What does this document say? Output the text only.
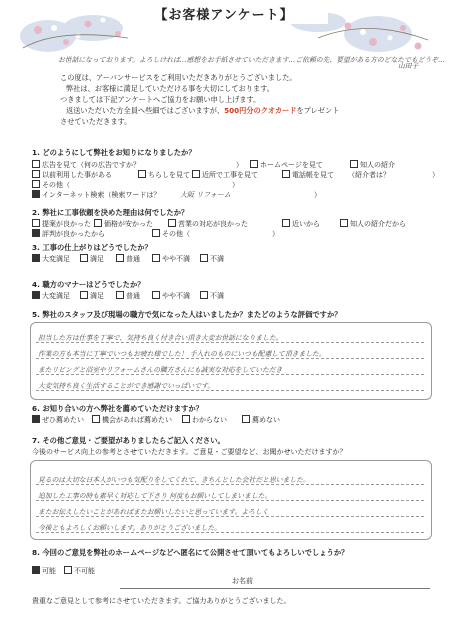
【お客様アンケート】
お世話になっております。よろしければ…感想をお手紙させていただきます…ご依頼の先、要望がある方のどなたでもどうぞ…
山田子
この度は、アーバンサービスをご利用いただきありがとうございました。
弊社は、お客様に満足していただける事を大切にしております。
つきましては下記アンケートへご協力をお願い申し上げます。
返送いただいた方全員へ些細ではございますが、500円分のクオカードをプレゼント
させていただきます。
1. どのようにして弊社をお知りになりましたか？
広告を見て（何の広告ですか？	）	ホームページを見て	知人の紹介
以前利用した事がある	ちらしを見て	近所で工事を見て	電話帳を見て （紹介者は？	）
その他（	）
インターネット検索（検索ワードは？	大阪 リフォーム	）
2. 弊社に工事依頼を決めた理由は何でしたか？
提案が良かった	価格が安かった	営業の対応が良かった	近いから	知人の紹介だから
評判が良かったから	その他（	）
3. 工事の仕上がりはどうでしたか？
大変満足	満足	普通	やや不満	不満
4. 職方のマナーはどうでしたか？
大変満足	満足	普通	やや不満	不満
5. 弊社のスタッフ及び現場の職方で気になった人はいましたか？またどのような評価ですか？
担当した方は仕事を丁寧で、気持ち良く付き合い頂き大変お世話になりました。
作業の方も本当に丁寧でいつもお疲れ様でした！ 手入れのものにいつも配慮して頂きました。
またリビングと浴室やリフォームさんの職方さんにも誠実な対応をしていただき
大変気持ち良く生活することができ感謝でいっぱいです。
6. お知り合いの方へ弊社を薦めていただけますか？
ぜひ薦めたい	機会があれば薦めたい	わからない	薦めない
7. その他ご意見・ご要望がありましたらご記入ください。
今後のサービス向上の参考とさせていただきます。ご意見・ご要望など、お聞かせいただけますか？
見るのは大切な日本人がいつも気配りをしてくれて、きちんとした会社だと思いました。
追加した工事の時も素早く対応して下さり 何度もお願いしてしまいました。
またお伝えしたいことがあればまたお願いしたいと思っています。よろしく
今後ともよろしくお願いします。ありがとうございました。
8. 今回のご意見を弊社のホームページなどへ匿名にて公開させて頂いてもよろしいでしょうか？
可能	不可能
お名前
貴重なご意見として参考にさせていただきます。ご協力ありがとうございました。
